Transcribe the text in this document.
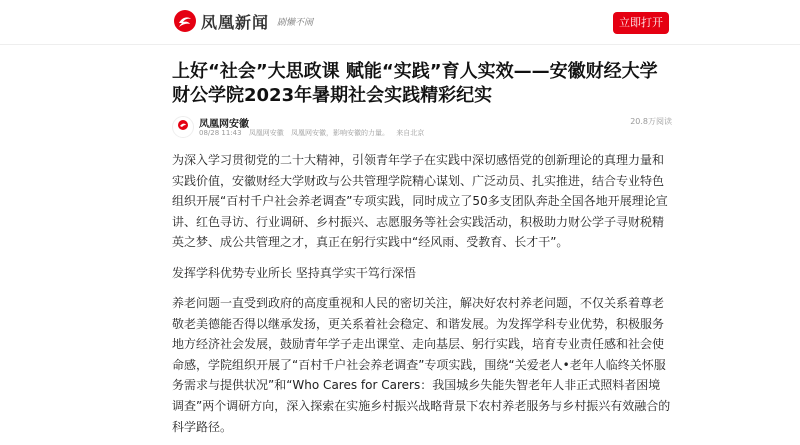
凤凰新闻 剧懒不闹	立即打开
上好“社会”大思政课 赋能“实践”育人实效——安徽财经大学财公学院2023年暑期社会实践精彩纪实
凤凰网安徽
08/28 11:43 凤凰网安徽 凤凰网安徽，影响安徽的力量。 来自北京
20.8万阅读

为深入学习贯彻党的二十大精神，引领青年学子在实践中深切感悟党的创新理论的真理力量和实践价值，安徽财经大学财政与公共管理学院精心谋划、广泛动员、扎实推进，结合专业特色组织开展“百村千户社会养老调查”专项实践，同时成立了50多支团队奔赴全国各地开展理论宣讲、红色寻访、行业调研、乡村振兴、志愿服务等社会实践活动，积极助力财公学子寻财税精英之梦、成公共管理之才，真正在躬行实践中“经风雨、受教育、长才干”。

发挥学科优势专业所长 坚持真学实干笃行深悟

养老问题一直受到政府的高度重视和人民的密切关注，解决好农村养老问题，不仅关系着尊老敬老美德能否得以继承发扬，更关系着社会稳定、和谐发展。为发挥学科专业优势，积极服务地方经济社会发展，鼓励青年学子走出课堂、走向基层、躬行实践，培育专业责任感和社会使命感，学院组织开展了“百村千户社会养老调查”专项实践，围绕“关爱老人•老年人临终关怀服务需求与提供状况”和“Who Cares for Carers：我国城乡失能失智老年人非正式照料者困境调查”两个调研方向，深入探索在实施乡村振兴战略背景下农村养老服务与乡村振兴有效融合的科学路径。
